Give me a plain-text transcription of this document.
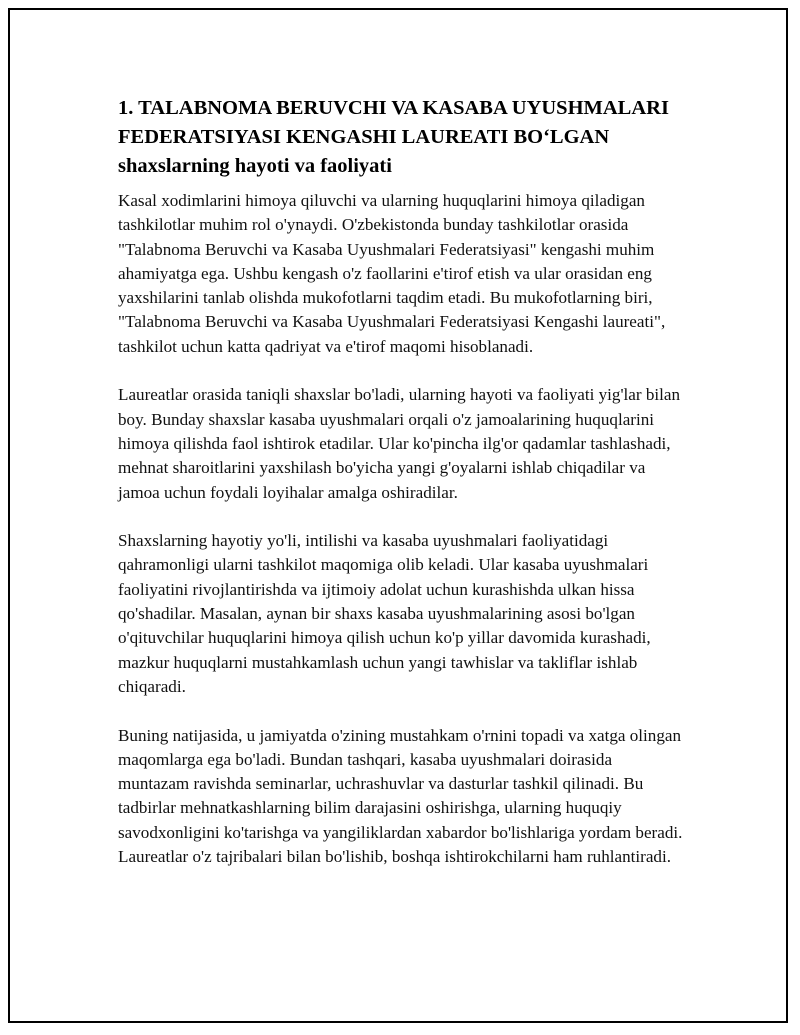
1. TALABNOMA BERUVCHI VA KASABA UYUSHMALARI FEDERATSIYASI KENGASHI LAUREATI BO‘LGAN shaxslarning hayoti va faoliyati

Kasal xodimlarini himoya qiluvchi va ularning huquqlarini himoya qiladigan tashkilotlar muhim rol o'ynaydi. O'zbekistonda bunday tashkilotlar orasida "Talabnoma Beruvchi va Kasaba Uyushmalari Federatsiyasi" kengashi muhim ahamiyatga ega. Ushbu kengash o'z faollarini e'tirof etish va ular orasidan eng yaxshilarini tanlab olishda mukofotlarni taqdim etadi. Bu mukofotlarning biri, "Talabnoma Beruvchi va Kasaba Uyushmalari Federatsiyasi Kengashi laureati", tashkilot uchun katta qadriyat va e'tirof maqomi hisoblanadi.

Laureatlar orasida taniqli shaxslar bo'ladi, ularning hayoti va faoliyati yig'lar bilan boy. Bunday shaxslar kasaba uyushmalari orqali o'z jamoalarining huquqlarini himoya qilishda faol ishtirok etadilar. Ular ko'pincha ilg'or qadamlar tashlashadi, mehnat sharoitlarini yaxshilash bo'yicha yangi g'oyalarni ishlab chiqadilar va jamoa uchun foydali loyihalar amalga oshiradilar.

Shaxslarning hayotiy yo'li, intilishi va kasaba uyushmalari faoliyatidagi qahramonligi ularni tashkilot maqomiga olib keladi. Ular kasaba uyushmalari faoliyatini rivojlantirishda va ijtimoiy adolat uchun kurashishda ulkan hissa qo'shadilar. Masalan, aynan bir shaxs kasaba uyushmalarining asosi bo'lgan o'qituvchilar huquqlarini himoya qilish uchun ko'p yillar davomida kurashadi, mazkur huquqlarni mustahkamlash uchun yangi tawhislar va takliflar ishlab chiqaradi.

Buning natijasida, u jamiyatda o'zining mustahkam o'rnini topadi va xatga olingan maqomlarga ega bo'ladi. Bundan tashqari, kasaba uyushmalari doirasida muntazam ravishda seminarlar, uchrashuvlar va dasturlar tashkil qilinadi. Bu tadbirlar mehnatkashlarning bilim darajasini oshirishga, ularning huquqiy savodxonligini ko'tarishga va yangiliklardan xabardor bo'lishlariga yordam beradi. Laureatlar o'z tajribalari bilan bo'lishib, boshqa ishtirokchilarni ham ruhlantiradi.
